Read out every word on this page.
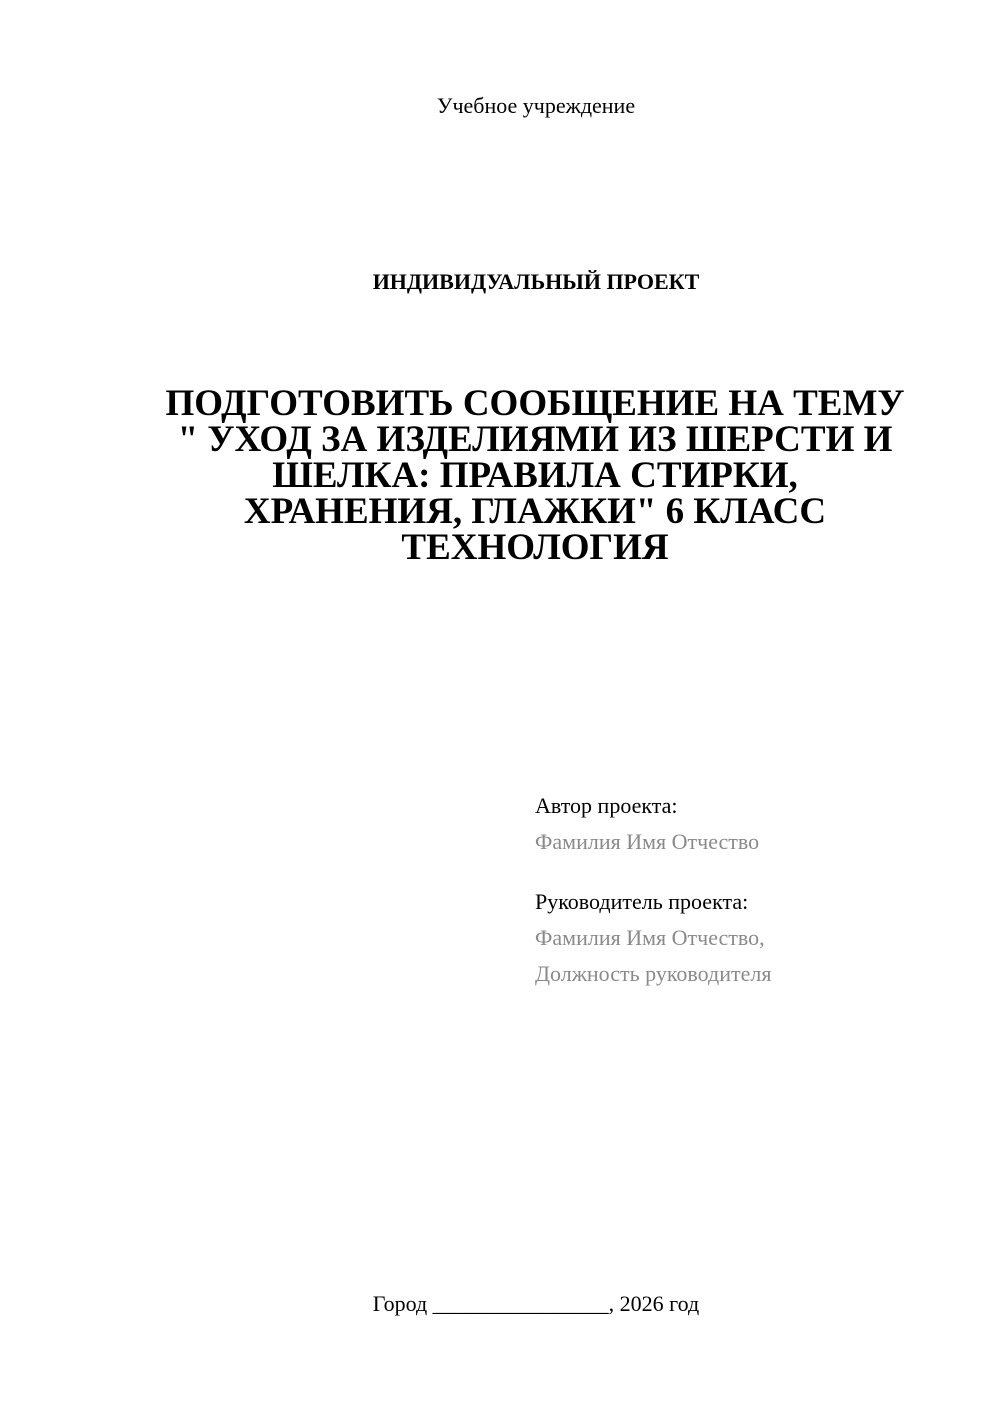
Учебное учреждение
ИНДИВИДУАЛЬНЫЙ ПРОЕКТ
ПОДГОТОВИТЬ СООБЩЕНИЕ НА ТЕМУ
" УХОД ЗА ИЗДЕЛИЯМИ ИЗ ШЕРСТИ И
ШЕЛКА: ПРАВИЛА СТИРКИ,
ХРАНЕНИЯ, ГЛАЖКИ" 6 КЛАСС
ТЕХНОЛОГИЯ
Автор проекта:
Фамилия Имя Отчество
Руководитель проекта:
Фамилия Имя Отчество,
Должность руководителя
Город ________________, 2026 год
